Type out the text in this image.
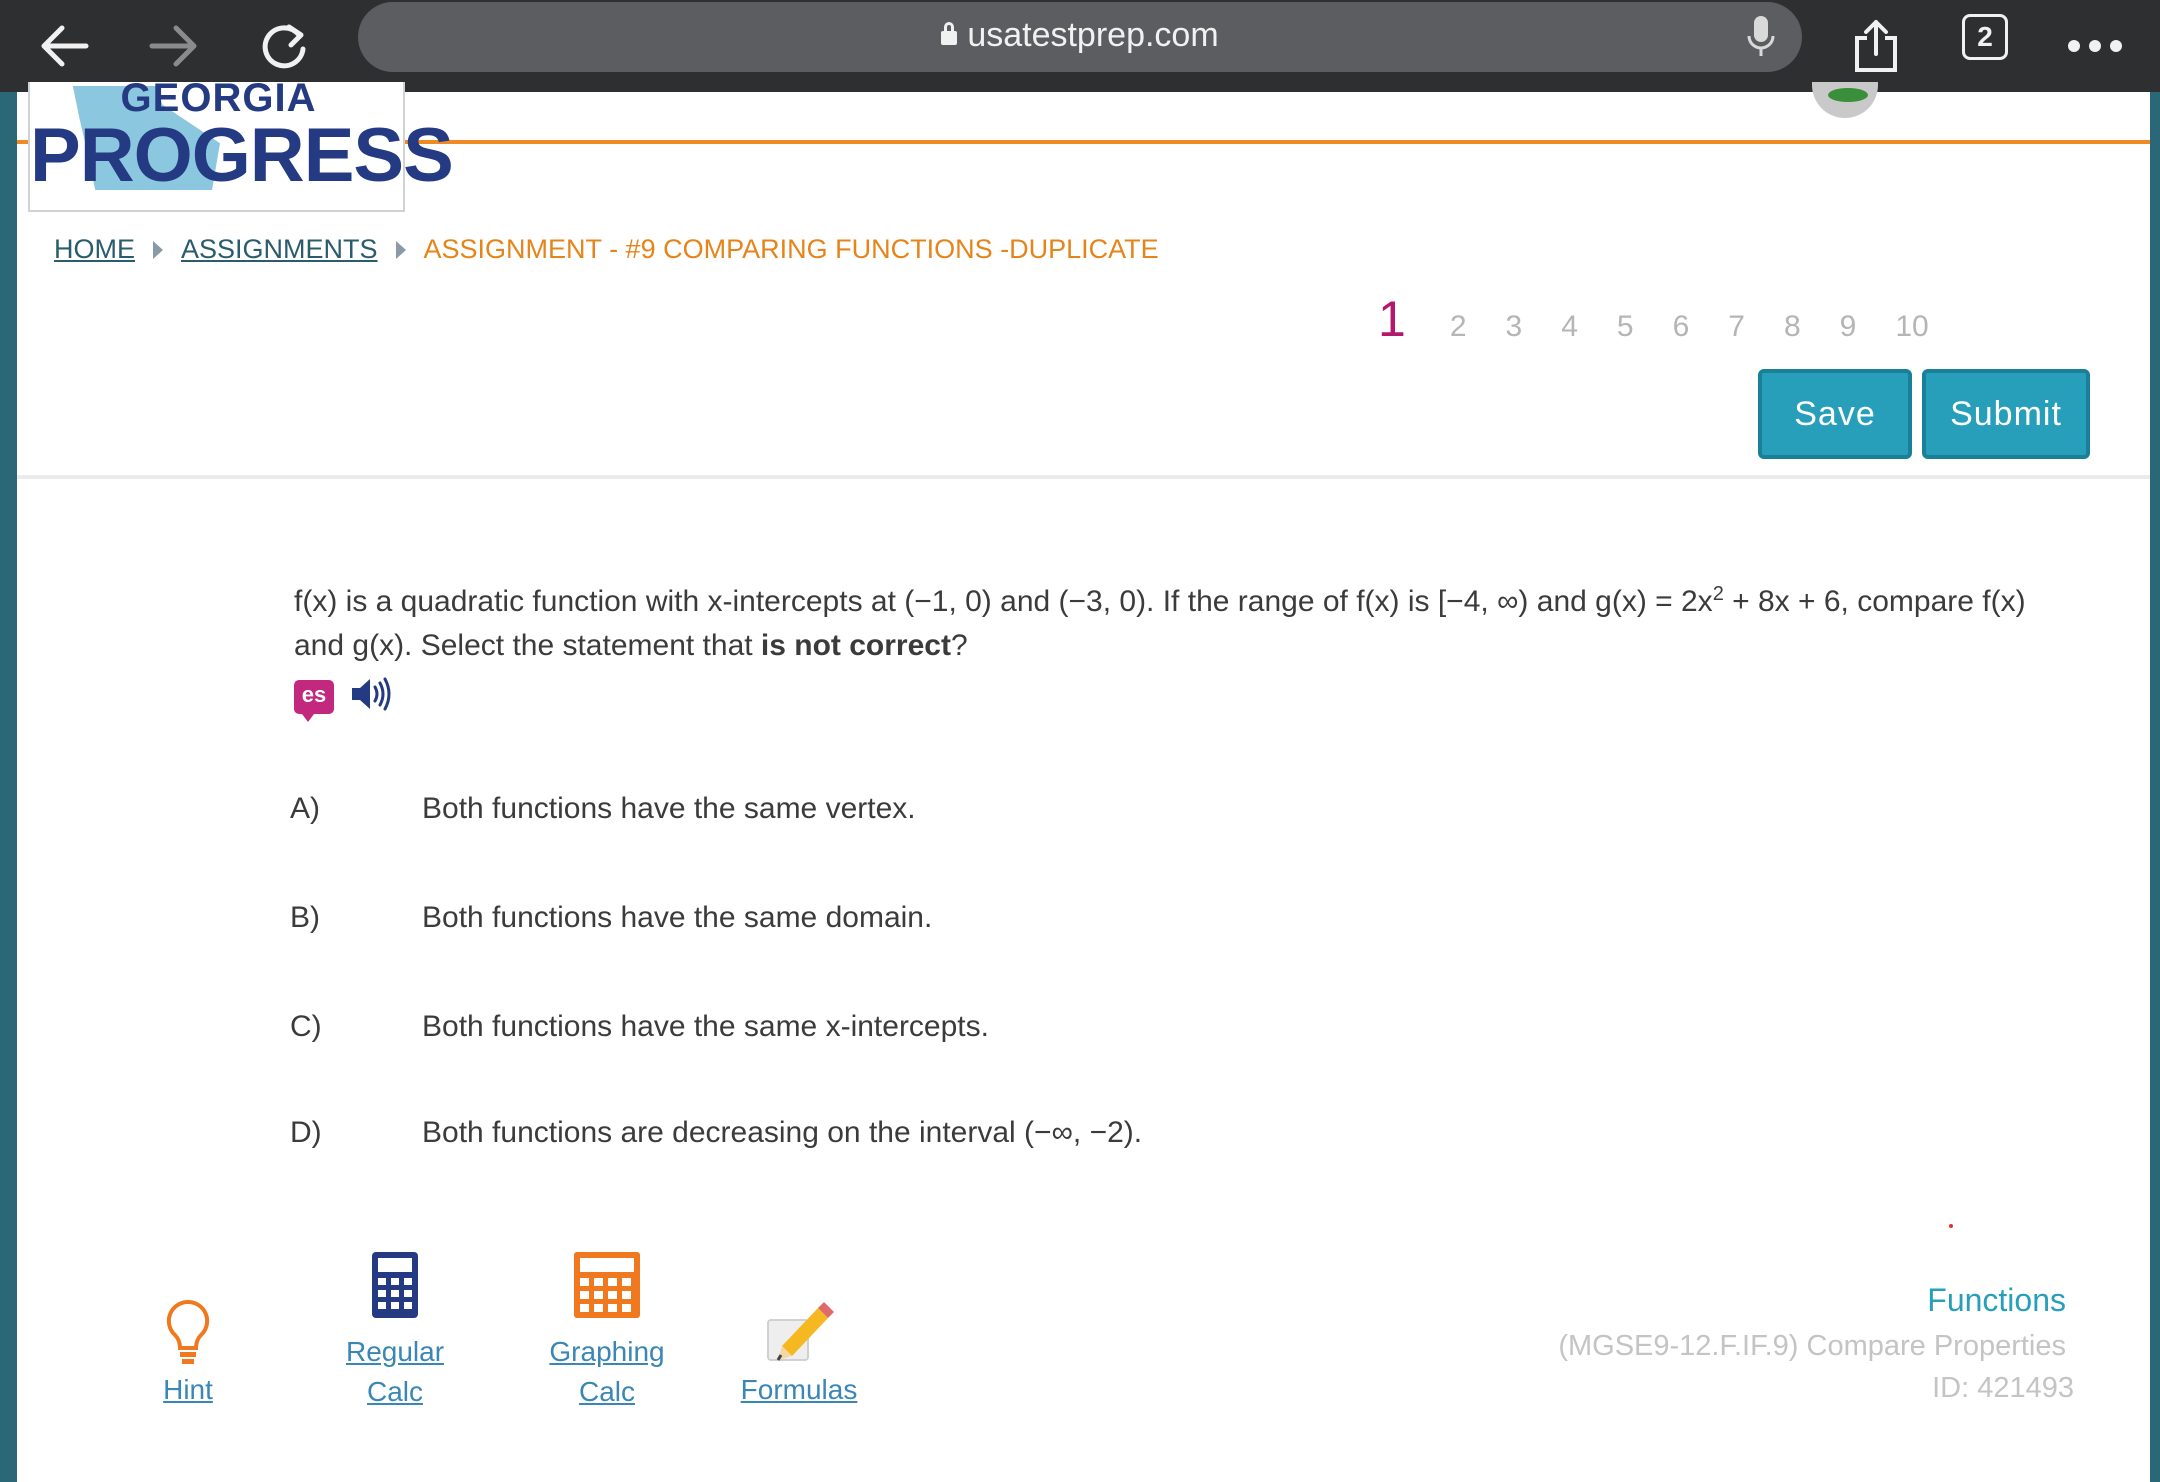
usatestprep.com	2
GEORGIA
PROGRESS
HOME ASSIGNMENTS ASSIGNMENT - #9 COMPARING FUNCTIONS -DUPLICATE
1 2 3 4 5 6 7 8 9 10
Save	Submit
f(x) is a quadratic function with x-intercepts at (−1, 0) and (−3, 0). If the range of f(x) is [−4, ∞) and $g(x) = 2x^2 + 8x + 6$, compare f(x) and g(x). Select the statement that is not correct?
es
A)	Both functions have the same vertex.
B)	Both functions have the same domain.
C)	Both functions have the same x-intercepts.
D)	Both functions are decreasing on the interval (−∞, −2).
Hint
Regular
Calc
Graphing
Calc	Formulas
Functions
(MGSE9-12.F.IF.9) Compare Properties
ID: 421493
